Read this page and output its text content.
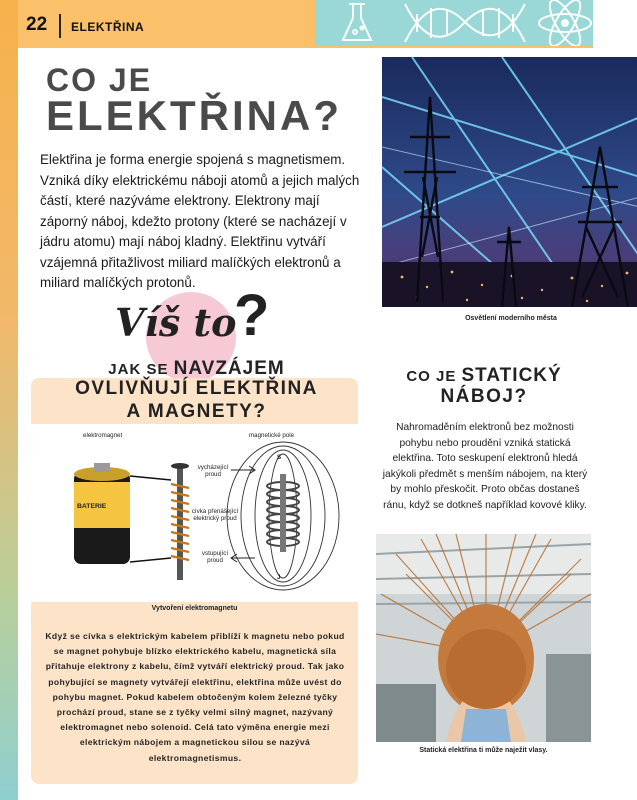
22 ELEKTŘINA
CO JE
ELEKTŘINA?
Elektřina je forma energie spojená s magnetismem. Vzniká díky elektrickému náboji atomů a jejich malých částí, které nazýváme elektrony. Elektrony mají záporný náboj, kdežto protony (které se nacházejí v jádru atomu) mají náboj kladný. Elektřinu vytváří vzájemná přitažlivost miliard malíčkých elektronů a miliard malíčkých protonů.
Osvětlení moderního města
Víš to
?
JAK SE NAVZÁJEM
OVLIVŇUJÍ ELEKTŘINA
A MAGNETY?
elektromagnet	magnetické pole
BATERIE
vycházející proud
cívka přenášející elektrický proud
vstupující proud
S
J
Vytvoření elektromagnetu
Když se cívka s elektrickým kabelem přiblíží k magnetu nebo pokud se magnet pohybuje blízko elektrického kabelu, magnetická síla přitahuje elektrony z kabelu, čímž vytváří elektrický proud. Tak jako pohybující se magnety vytvářejí elektřinu, elektřina může uvést do pohybu magnet. Pokud kabelem obtočeným kolem železné tyčky prochází proud, stane se z tyčky velmi silný magnet, nazývaný elektromagnet nebo solenoid. Celá tato výměna energie mezi elektrickým nábojem a magnetickou silou se nazývá elektromagnetismus.
CO JE STATICKÝ
NÁBOJ?
Nahromaděním elektronů bez možnosti pohybu nebo proudění vzniká statická elektřina. Toto seskupení elektronů hledá jakýkoli předmět s menším nábojem, na který by mohlo přeskočit. Proto občas dostaneš ránu, když se dotkneš například kovové kliky.
Statická elektřina ti může naježit vlasy.
